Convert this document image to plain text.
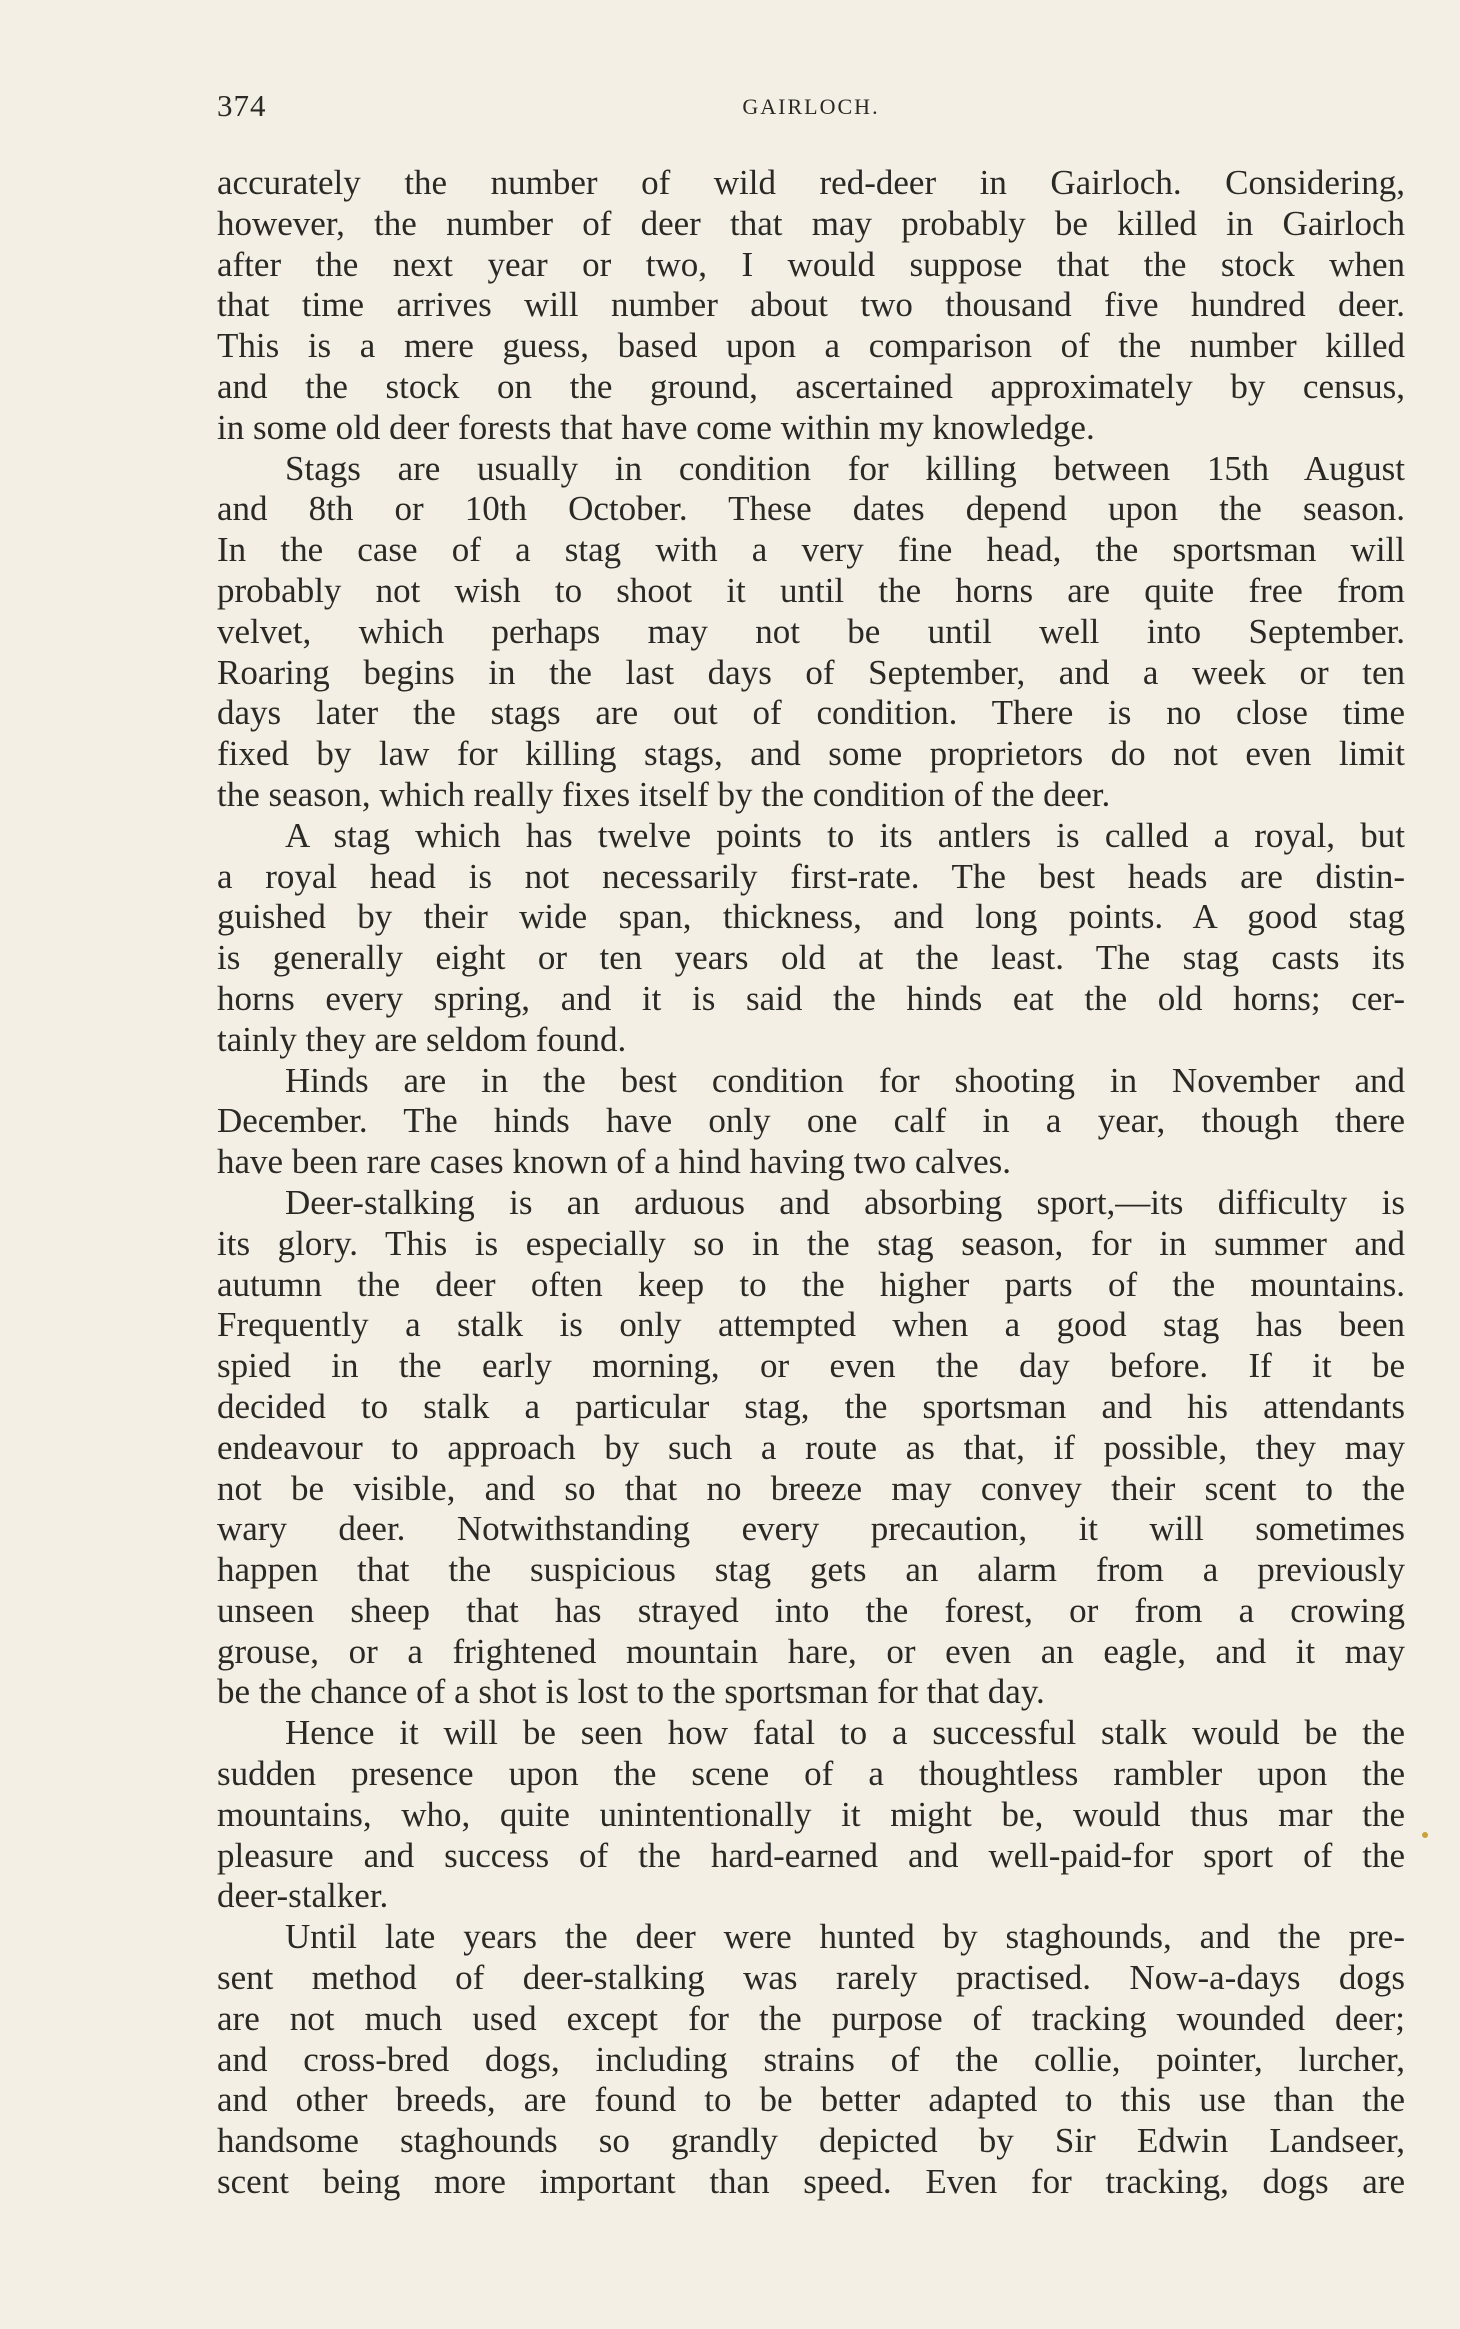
374	GAIRLOCH.

accurately the number of wild red-deer in Gairloch. Considering,
however, the number of deer that may probably be killed in Gairloch
after the next year or two, I would suppose that the stock when
that time arrives will number about two thousand five hundred deer.
This is a mere guess, based upon a comparison of the number killed
and the stock on the ground, ascertained approximately by census,
in some old deer forests that have come within my knowledge.

Stags are usually in condition for killing between 15th August
and 8th or 10th October. These dates depend upon the season.
In the case of a stag with a very fine head, the sportsman will
probably not wish to shoot it until the horns are quite free from
velvet, which perhaps may not be until well into September.
Roaring begins in the last days of September, and a week or ten
days later the stags are out of condition. There is no close time
fixed by law for killing stags, and some proprietors do not even limit
the season, which really fixes itself by the condition of the deer.

A stag which has twelve points to its antlers is called a royal, but
a royal head is not necessarily first-rate. The best heads are distin-
guished by their wide span, thickness, and long points. A good stag
is generally eight or ten years old at the least. The stag casts its
horns every spring, and it is said the hinds eat the old horns; cer-
tainly they are seldom found.

Hinds are in the best condition for shooting in November and
December. The hinds have only one calf in a year, though there
have been rare cases known of a hind having two calves.

Deer-stalking is an arduous and absorbing sport,—its difficulty is
its glory. This is especially so in the stag season, for in summer and
autumn the deer often keep to the higher parts of the mountains.
Frequently a stalk is only attempted when a good stag has been
spied in the early morning, or even the day before. If it be
decided to stalk a particular stag, the sportsman and his attendants
endeavour to approach by such a route as that, if possible, they may
not be visible, and so that no breeze may convey their scent to the
wary deer. Notwithstanding every precaution, it will sometimes
happen that the suspicious stag gets an alarm from a previously
unseen sheep that has strayed into the forest, or from a crowing
grouse, or a frightened mountain hare, or even an eagle, and it may
be the chance of a shot is lost to the sportsman for that day.

Hence it will be seen how fatal to a successful stalk would be the
sudden presence upon the scene of a thoughtless rambler upon the
mountains, who, quite unintentionally it might be, would thus mar the
pleasure and success of the hard-earned and well-paid-for sport of the
deer-stalker.

Until late years the deer were hunted by staghounds, and the pre-
sent method of deer-stalking was rarely practised. Now-a-days dogs
are not much used except for the purpose of tracking wounded deer;
and cross-bred dogs, including strains of the collie, pointer, lurcher,
and other breeds, are found to be better adapted to this use than the
handsome staghounds so grandly depicted by Sir Edwin Landseer,
scent being more important than speed. Even for tracking, dogs are
